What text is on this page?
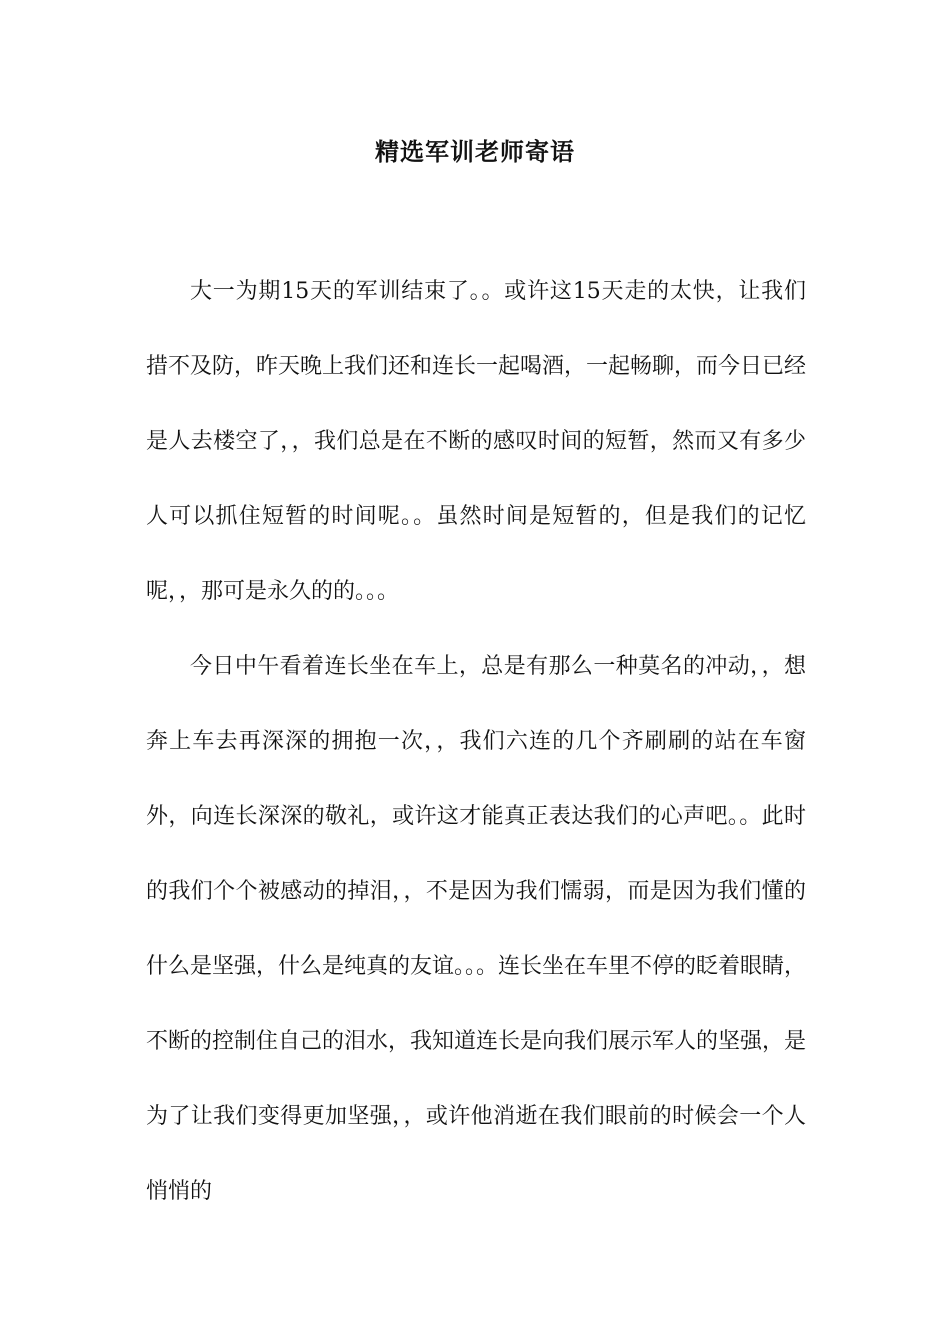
精选军训老师寄语

大一为期15天的军训结束了。。或许这15天走的太快，让我们措不及防，昨天晚上我们还和连长一起喝酒，一起畅聊，而今日已经是人去楼空了，，我们总是在不断的感叹时间的短暂，然而又有多少人可以抓住短暂的时间呢。。虽然时间是短暂的，但是我们的记忆呢，，那可是永久的的。。。

今日中午看着连长坐在车上，总是有那么一种莫名的冲动，，想奔上车去再深深的拥抱一次，，我们六连的几个齐刷刷的站在车窗外，向连长深深的敬礼，或许这才能真正表达我们的心声吧。。此时的我们个个被感动的掉泪，，不是因为我们懦弱，而是因为我们懂的什么是坚强，什么是纯真的友谊。。。连长坐在车里不停的眨着眼睛，不断的控制住自己的泪水，我知道连长是向我们展示军人的坚强，是为了让我们变得更加坚强，，或许他消逝在我们眼前的时候会一个人悄悄的
